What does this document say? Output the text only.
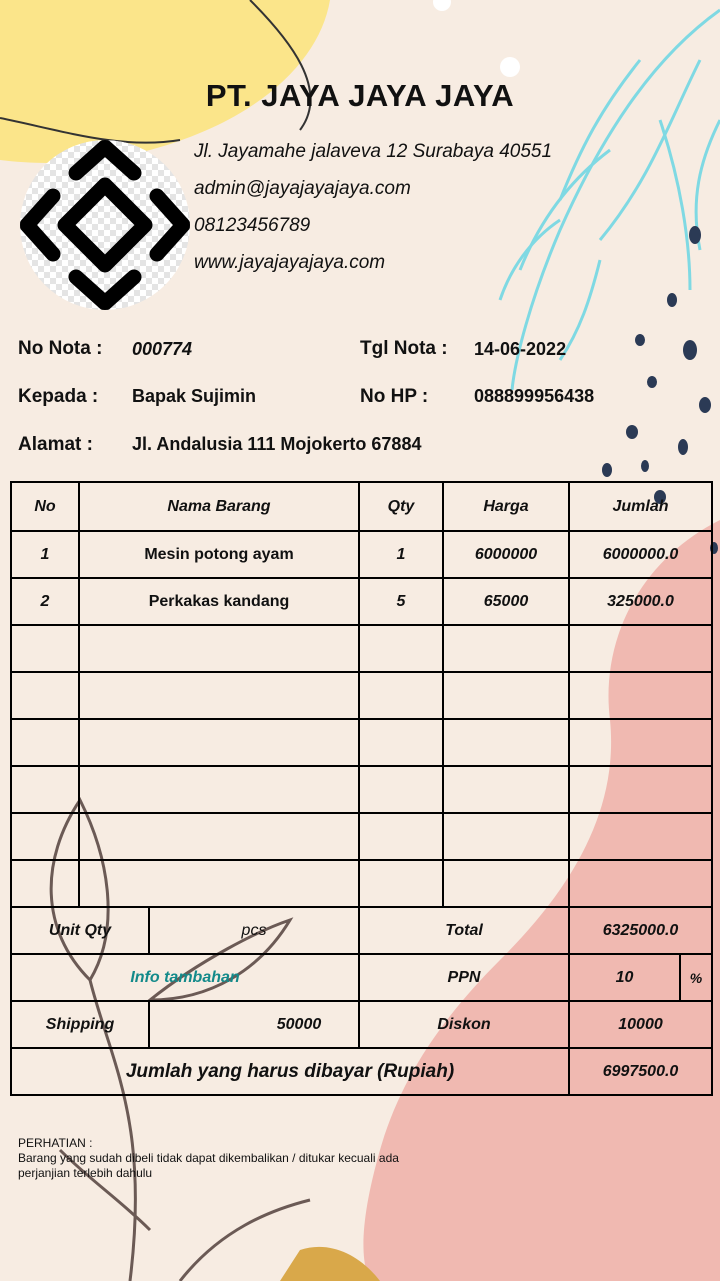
PT. JAYA JAYA JAYA
Jl. Jayamahe jalaveva 12 Surabaya 40551
admin@jayajayajaya.com
08123456789
www.jayajayajaya.com
No Nota : 000774	Tgl Nota : 14-06-2022
Kepada : Bapak Sujimin	No HP :	088899956438
Alamat : Jl. Andalusia 111 Mojokerto 67884
No	Nama Barang		Qty	Harga	Jumlah	
1	Mesin potong ayam		1	6000000	6000000.0	
2	Perkakas kandang		5	65000	325000.0	

Unit Qty		pcs	Total		6325000.0	
Info tambahan			PPN		10	%
Shipping		50000	Diskon		10000	
Jumlah yang harus dibayar (Rupiah)					6997500.0	
PERHATIAN :
Barang yang sudah dibeli tidak dapat dikembalikan / ditukar kecuali ada
perjanjian terlebih dahulu
